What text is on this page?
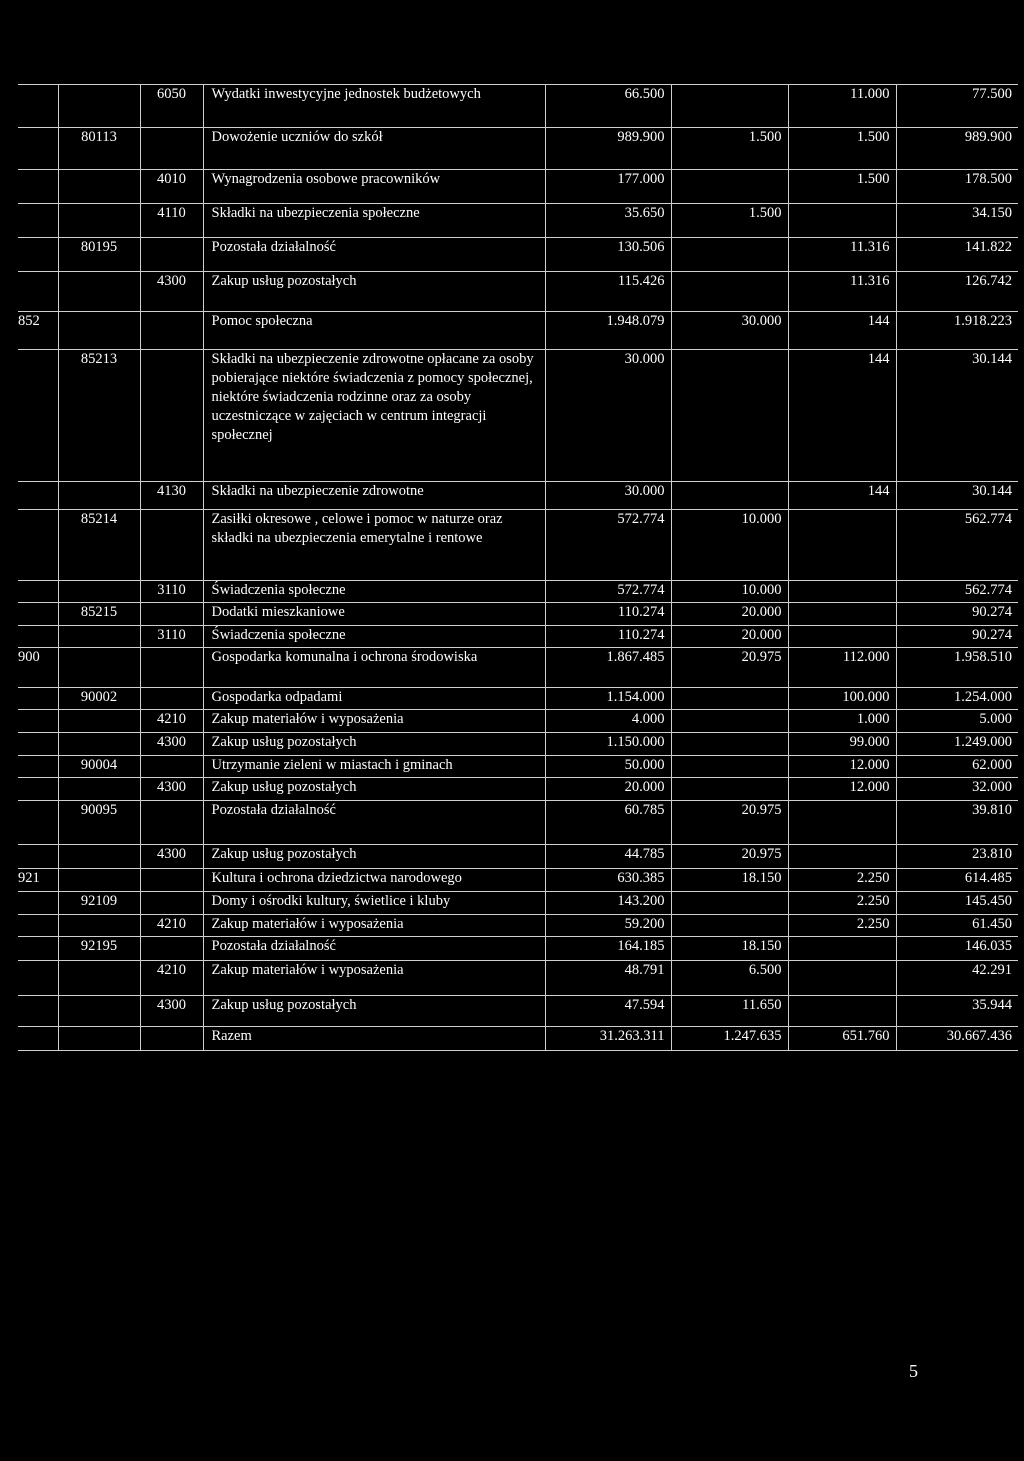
		6050	Wydatki inwestycyjne jednostek budżetowych	66.500		11.000	77.500
	80113		Dowożenie uczniów do szkół	989.900	1.500	1.500	989.900
		4010	Wynagrodzenia osobowe pracowników	177.000		1.500	178.500
		4110	Składki na ubezpieczenia społeczne	35.650	1.500		34.150
	80195		Pozostała działalność	130.506		11.316	141.822
		4300	Zakup usług pozostałych	115.426		11.316	126.742
852			Pomoc społeczna	1.948.079	30.000	144	1.918.223
	85213		Składki na ubezpieczenie zdrowotne opłacane za osoby pobierające niektóre świadczenia z pomocy społecznej, niektóre świadczenia rodzinne oraz za osoby uczestniczące w zajęciach w centrum integracji społecznej	30.000		144	30.144
		4130	Składki na ubezpieczenie zdrowotne	30.000		144	30.144
	85214		Zasiłki okresowe , celowe i pomoc w naturze oraz składki na ubezpieczenia emerytalne i rentowe	572.774	10.000		562.774
		3110	Świadczenia społeczne	572.774	10.000		562.774
	85215		Dodatki mieszkaniowe	110.274	20.000		90.274
		3110	Świadczenia społeczne	110.274	20.000		90.274
900			Gospodarka komunalna i ochrona środowiska	1.867.485	20.975	112.000	1.958.510
	90002		Gospodarka odpadami	1.154.000		100.000	1.254.000
		4210	Zakup materiałów i wyposażenia	4.000		1.000	5.000
		4300	Zakup usług pozostałych	1.150.000		99.000	1.249.000
	90004		Utrzymanie zieleni w miastach i gminach	50.000		12.000	62.000
		4300	Zakup usług pozostałych	20.000		12.000	32.000
	90095		Pozostała działalność	60.785	20.975		39.810
		4300	Zakup usług pozostałych	44.785	20.975		23.810
921			Kultura i ochrona dziedzictwa narodowego	630.385	18.150	2.250	614.485
	92109		Domy i ośrodki kultury, świetlice i kluby	143.200		2.250	145.450
		4210	Zakup materiałów i wyposażenia	59.200		2.250	61.450
	92195		Pozostała działalność	164.185	18.150		146.035
		4210	Zakup materiałów i wyposażenia	48.791	6.500		42.291
		4300	Zakup usług pozostałych	47.594	11.650		35.944
			Razem	31.263.311	1.247.635	651.760	30.667.436
5
